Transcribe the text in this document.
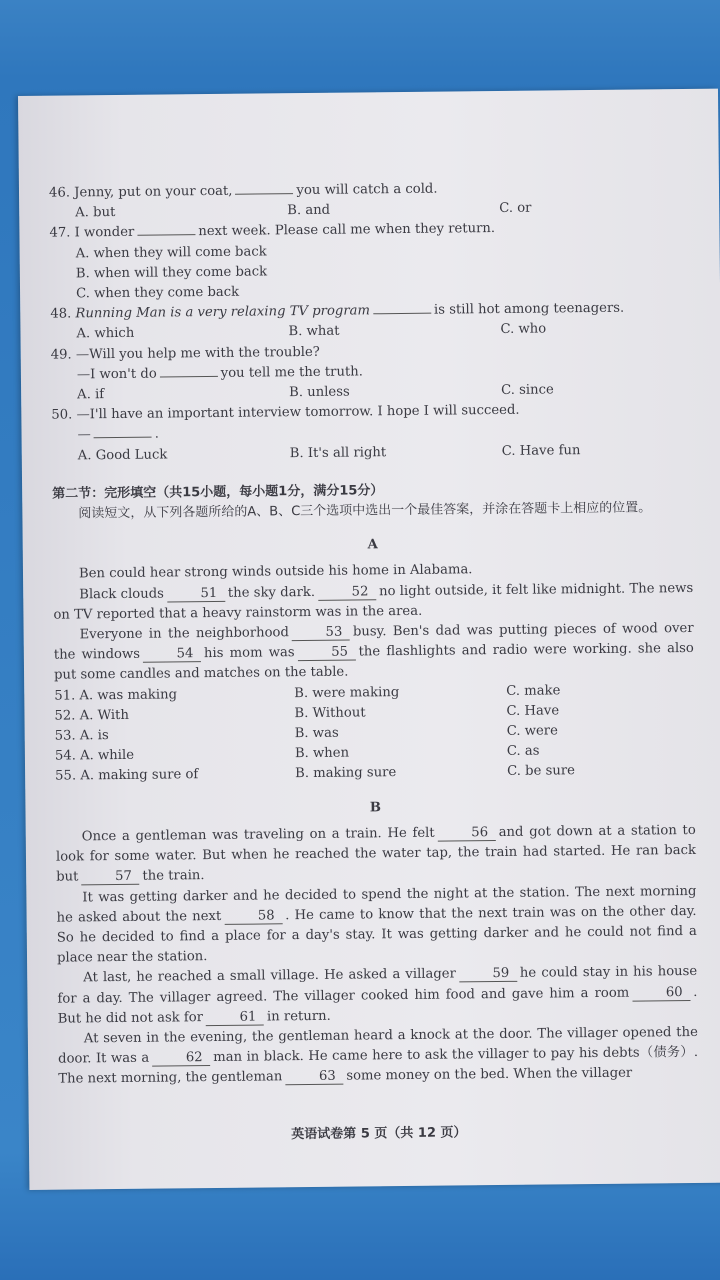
46. Jenny, put on your coat,	you will catch a cold.
A. but	B. and	C. or
47. I wonder	next week. Please call me when they return.
A. when they will come back
B. when will they come back
C. when they come back
48. Running Man is a very relaxing TV program	is still hot among teenagers.
A. which	B. what	C. who
49. —Will you help me with the trouble?
—I won't do	you tell me the truth.
A. if	B. unless	C. since
50. —I'll have an important interview tomorrow. I hope I will succeed.
—	.
A. Good Luck	B. It's all right	C. Have fun
第二节：完形填空（共15小题，每小题1分，满分15分）
阅读短文，从下列各题所给的A、B、C三个选项中选出一个最佳答案，并涂在答题卡上相应的位置。
A
Ben could hear strong winds outside his home in Alabama.
Black clouds	51 the sky dark.	52 no light outside, it felt like midnight. The news on TV reported that a heavy rainstorm was in the area.
Everyone in the neighborhood	53 busy. Ben's dad was putting pieces of wood over the windows	54 his mom was	55 the flashlights and radio were working. she also put some candles and matches on the table.
51. A. was making	B. were making	C. make
52. A. With	B. Without	C. Have
53. A. is	B. was	C. were
54. A. while	B. when	C. as
55. A. making sure of	B. making sure	C. be sure
B
Once a gentleman was traveling on a train. He felt	56 and got down at a station to look for some water. But when he reached the water tap, the train had started. He ran back but	57 the train.
It was getting darker and he decided to spend the night at the station. The next morning he asked about the next	58 . He came to know that the next train was on the other day. So he decided to find a place for a day's stay. It was getting darker and he could not find a place near the station.
At last, he reached a small village. He asked a villager	59 he could stay in his house for a day. The villager agreed. The villager cooked him food and gave him a room	60 . But he did not ask for	61 in return.
At seven in the evening, the gentleman heard a knock at the door. The villager opened the door. It was a	62 man in black. He came here to ask the villager to pay his debts（债务）. The next morning, the gentleman	63 some money on the bed. When the villager
英语试卷第 5 页（共 12 页）
